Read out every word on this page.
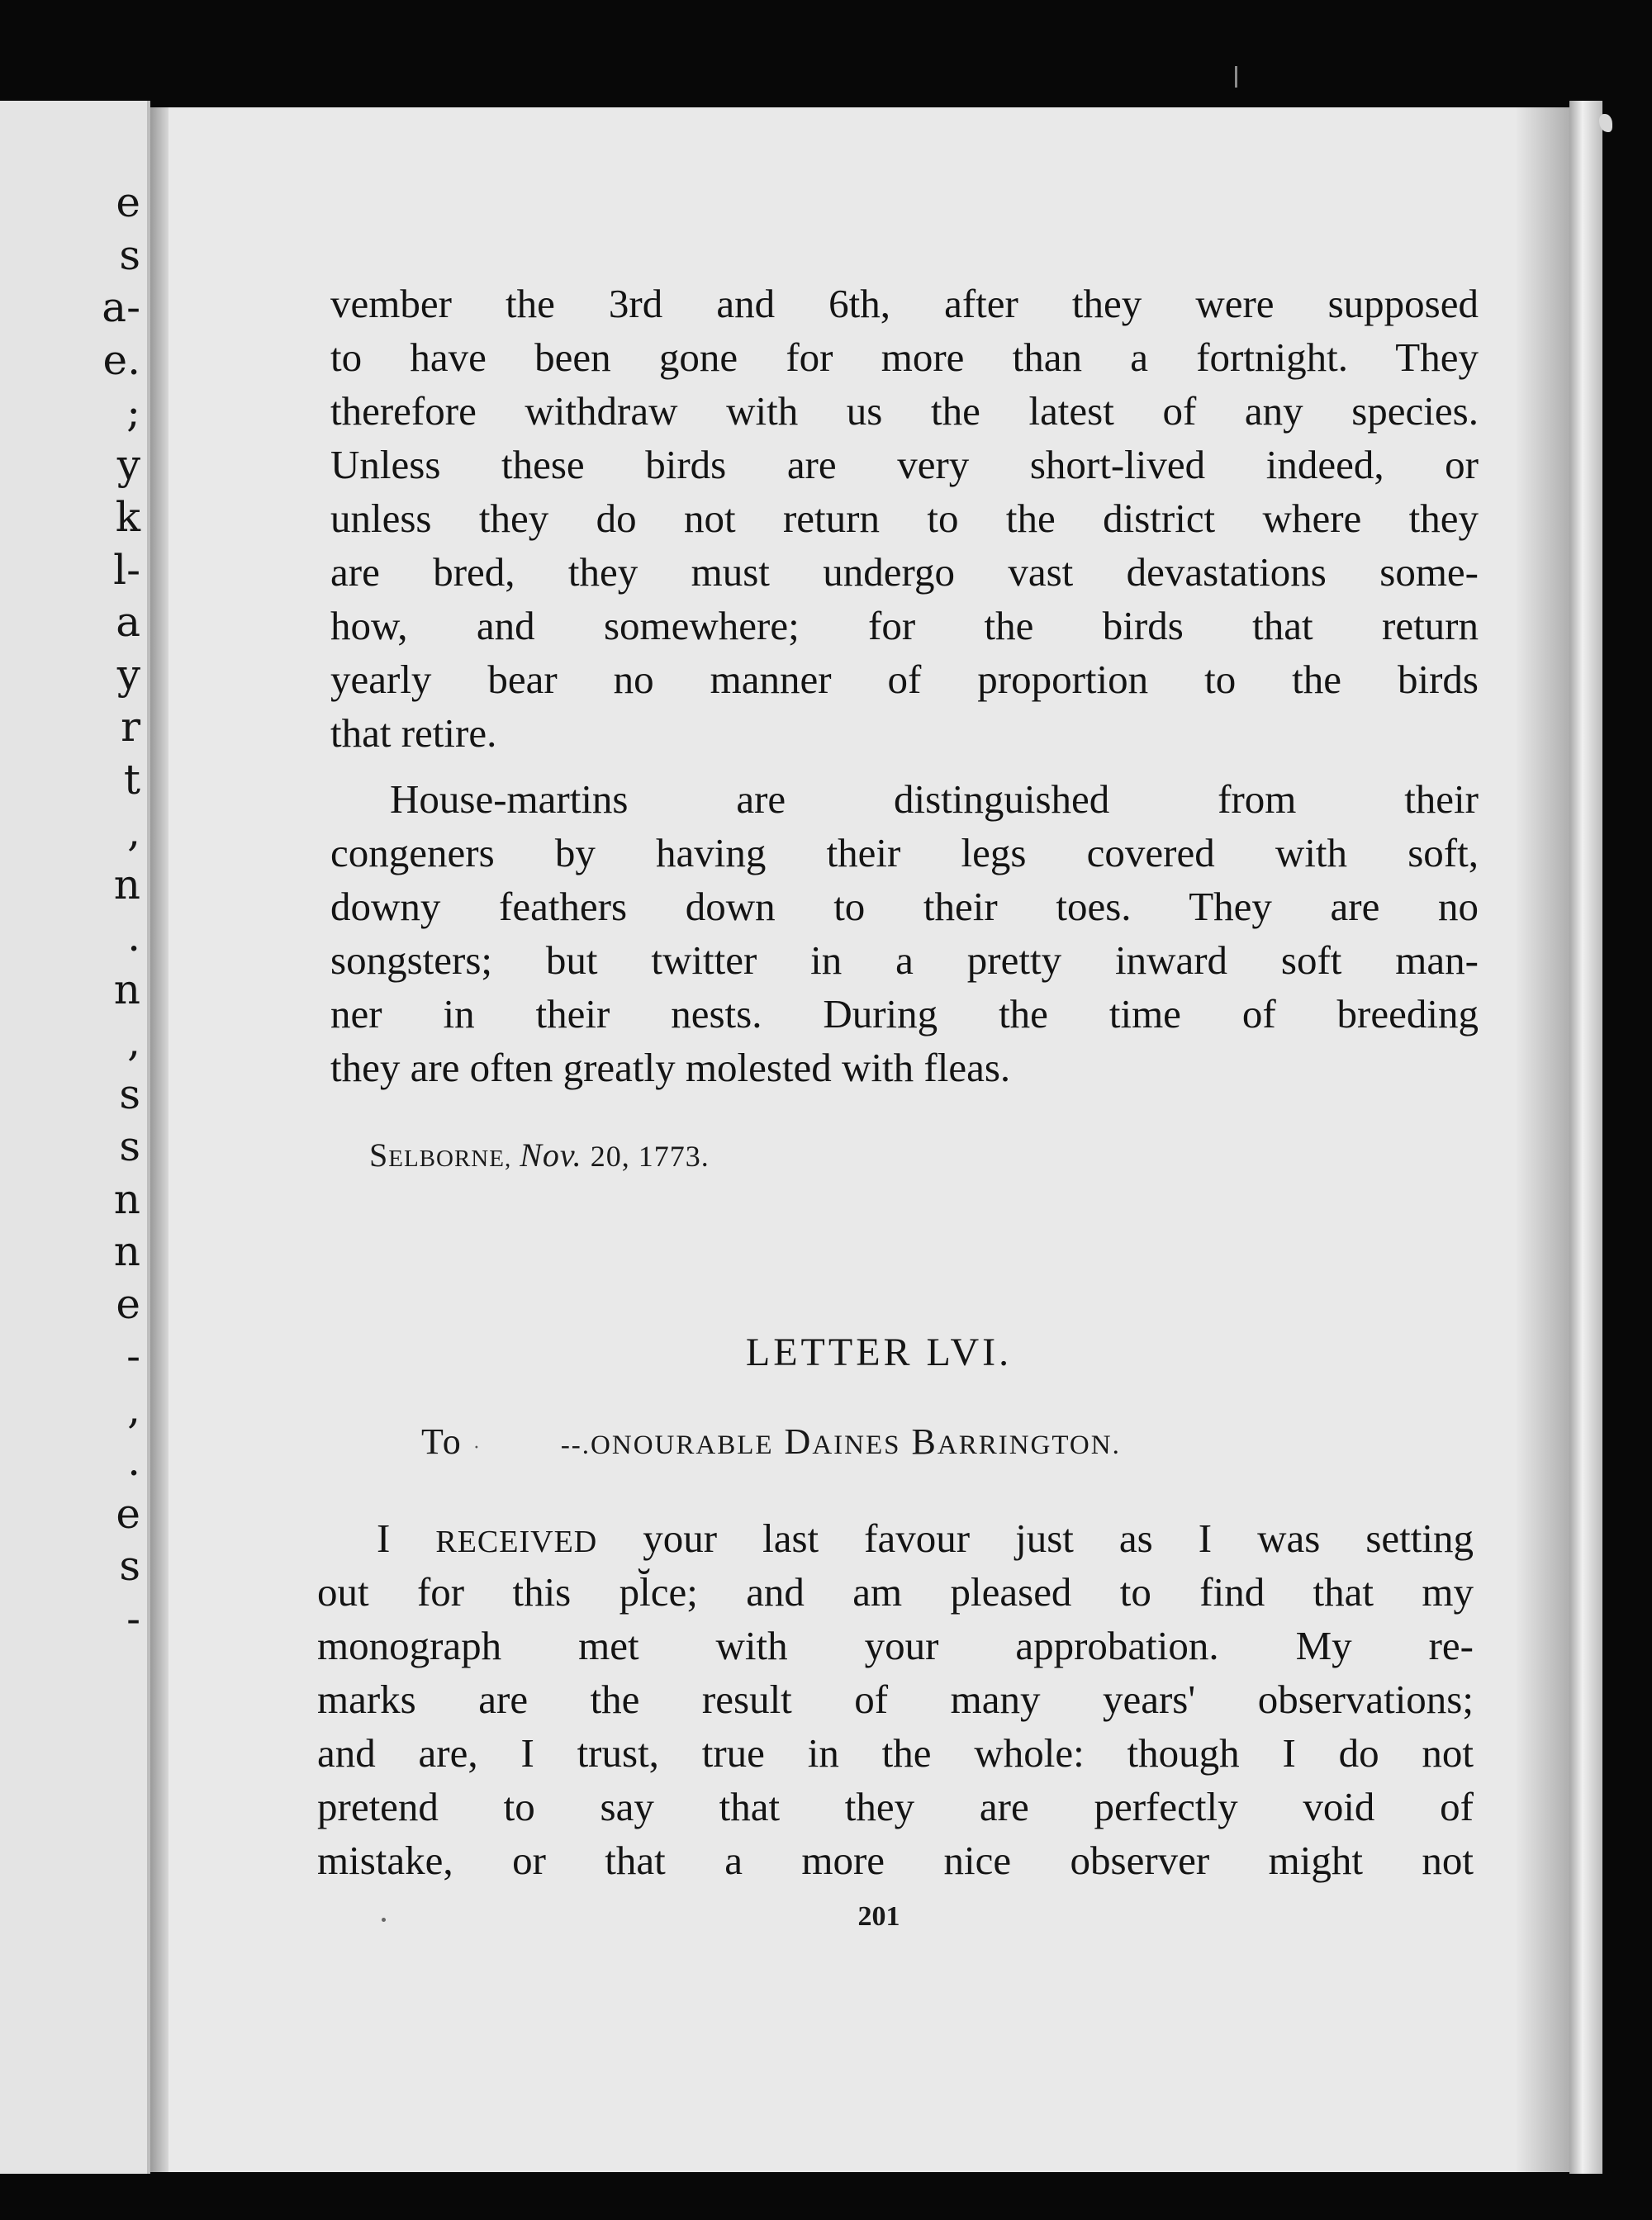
e
s
a-
e.
;
y
k
l-
a
y
r
t
,
n
.
n
,
s
s
n
n
e
-
,
.
e
s
-
vember the 3rd and 6th, after they were supposed
to have been gone for more than a fortnight. They
therefore withdraw with us the latest of any species.
Unless these birds are very short-lived indeed, or
unless they do not return to the district where they
are bred, they must undergo vast devastations some-
how, and somewhere; for the birds that return
yearly bear no manner of proportion to the birds
that retire.
House-martins are distinguished from their
congeners by having their legs covered with soft,
downy feathers down to their toes. They are no
songsters; but twitter in a pretty inward soft man-
ner in their nests. During the time of breeding
they are often greatly molested with fleas.
SELBORNE, Nov. 20, 1773.
LETTER LVI.
To ·	--.ONOURABLE DAINES BARRINGTON.
I RECEIVED your last favour just as I was setting
out for this pl̆ce; and am pleased to find that my
monograph met with your approbation. My re-
marks are the result of many years' observations;
and are, I trust, true in the whole: though I do not
pretend to say that they are perfectly void of
mistake, or that a more nice observer might not
201
